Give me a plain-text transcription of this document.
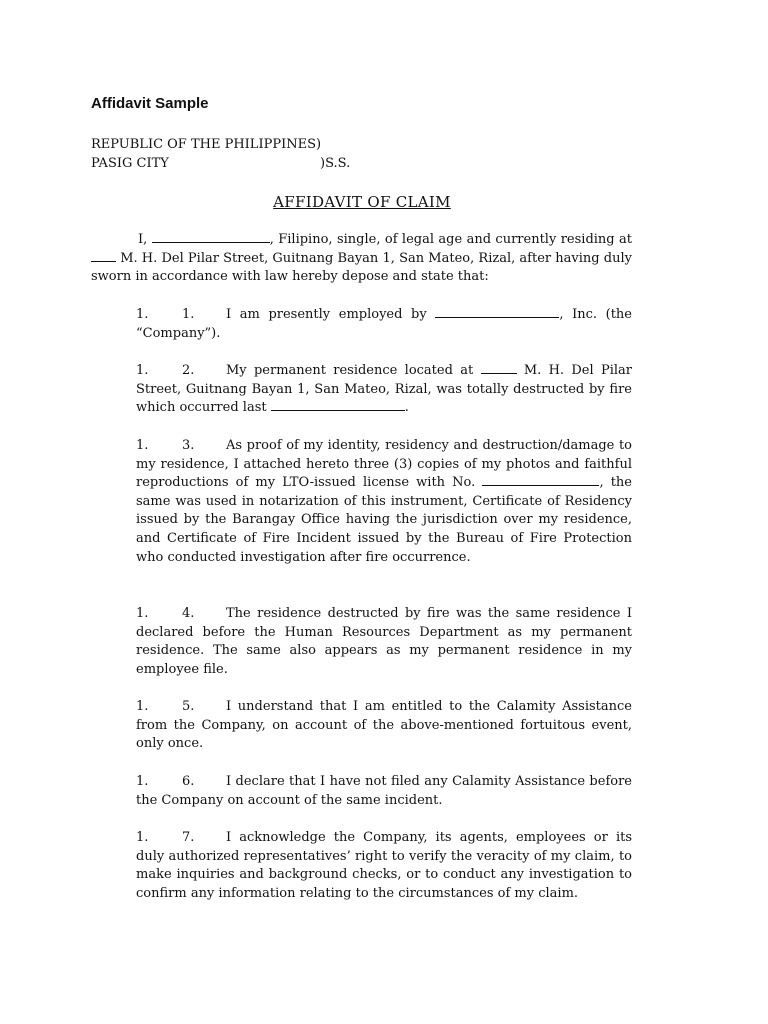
Affidavit Sample
REPUBLIC OF THE PHILIPPINES)
PASIG CITY	)S.S.
AFFIDAVIT OF CLAIM

I,	, Filipino, single, of legal age and currently residing at  M. H. Del Pilar Street, Guitnang Bayan 1, San Mateo, Rizal, after having duly sworn in accordance with law hereby depose and state that:

1.	1. I am presently employed by	, Inc. (the “Company”).

1.	2. My permanent residence located at	M. H. Del Pilar Street, Guitnang Bayan 1, San Mateo, Rizal, was totally destructed by fire which occurred last	.

1.	3. As proof of my identity, residency and destruction/damage to my residence, I attached hereto three (3) copies of my photos and faithful reproductions of my LTO-issued license with No.	, the same was used in notarization of this instrument, Certificate of Residency issued by the Barangay Office having the jurisdiction over my residence, and Certificate of Fire Incident issued by the Bureau of Fire Protection who conducted investigation after fire occurrence.

1.	4. The residence destructed by fire was the same residence I declared before the Human Resources Department as my permanent residence. The same also appears as my permanent residence in my employee file.

1.	5. I understand that I am entitled to the Calamity Assistance from the Company, on account of the above-mentioned fortuitous event, only once.

1.	6. I declare that I have not filed any Calamity Assistance before the Company on account of the same incident.

1.	7. I acknowledge the Company, its agents, employees or its duly authorized representatives’ right to verify the veracity of my claim, to make inquiries and background checks, or to conduct any investigation to confirm any information relating to the circumstances of my claim.
